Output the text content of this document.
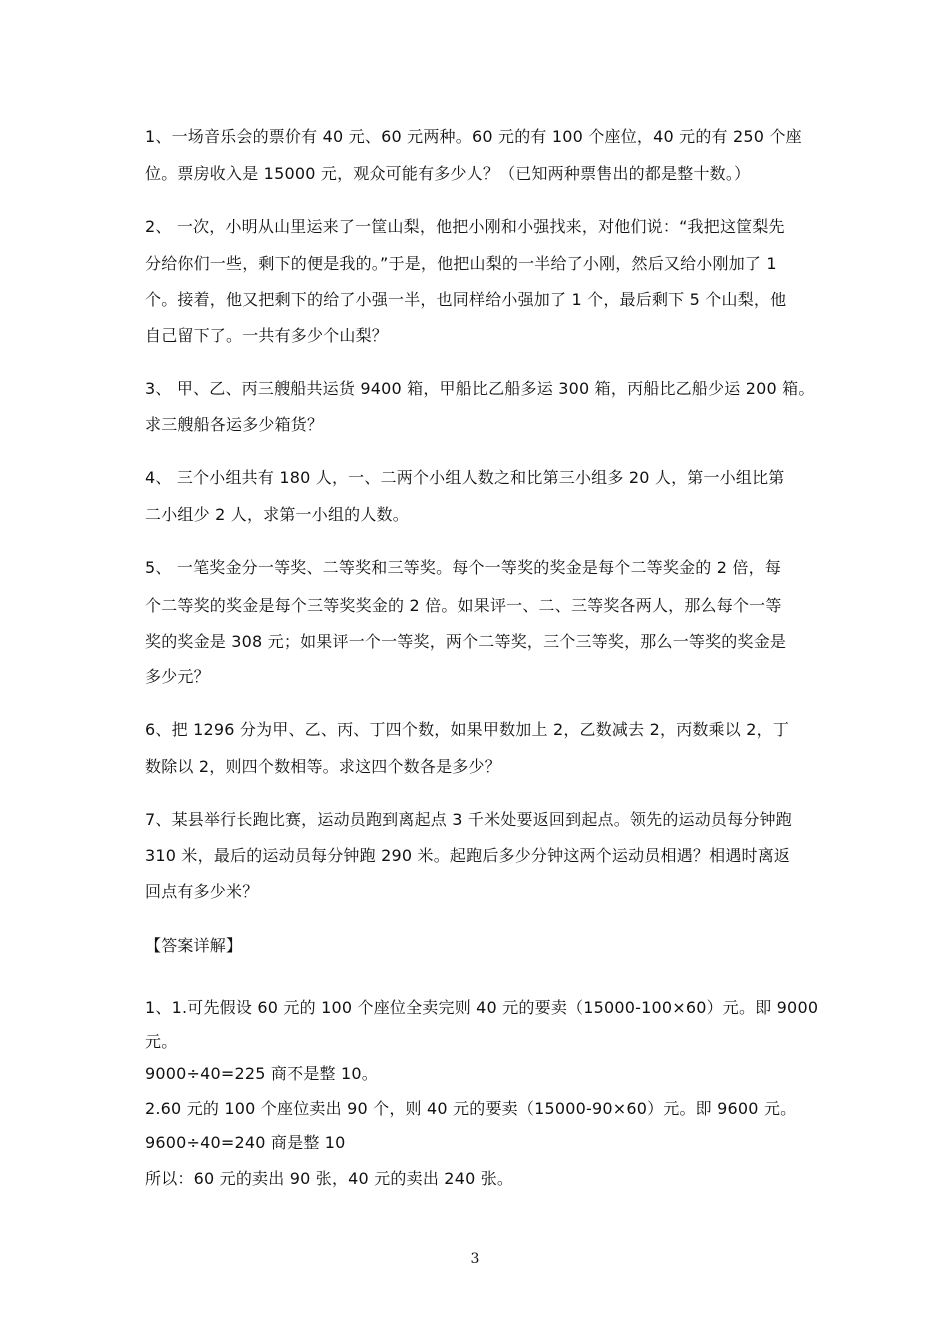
1、一场音乐会的票价有 40 元、60 元两种。60 元的有 100 个座位，40 元的有 250 个座
位。票房收入是 15000 元，观众可能有多少人？（已知两种票售出的都是整十数。）
2、 一次，小明从山里运来了一筐山梨，他把小刚和小强找来，对他们说：“我把这筐梨先
分给你们一些，剩下的便是我的。”于是，他把山梨的一半给了小刚，然后又给小刚加了 1
个。接着，他又把剩下的给了小强一半，也同样给小强加了 1 个，最后剩下 5 个山梨，他
自己留下了。一共有多少个山梨？
3、 甲、乙、丙三艘船共运货 9400 箱，甲船比乙船多运 300 箱，丙船比乙船少运 200 箱。
求三艘船各运多少箱货？
4、 三个小组共有 180 人，一、二两个小组人数之和比第三小组多 20 人，第一小组比第
二小组少 2 人，求第一小组的人数。
5、 一笔奖金分一等奖、二等奖和三等奖。每个一等奖的奖金是每个二等奖金的 2 倍，每
个二等奖的奖金是每个三等奖奖金的 2 倍。如果评一、二、三等奖各两人，那么每个一等
奖的奖金是 308 元；如果评一个一等奖，两个二等奖，三个三等奖，那么一等奖的奖金是
多少元？
6、把 1296 分为甲、乙、丙、丁四个数，如果甲数加上 2，乙数减去 2，丙数乘以 2，丁
数除以 2，则四个数相等。求这四个数各是多少？
7、某县举行长跑比赛，运动员跑到离起点 3 千米处要返回到起点。领先的运动员每分钟跑
310 米，最后的运动员每分钟跑 290 米。起跑后多少分钟这两个运动员相遇？相遇时离返
回点有多少米？
【答案详解】
1、1.可先假设 60 元的 100 个座位全卖完则 40 元的要卖（15000-100×60）元。即 9000
元。
9000÷40=225 商不是整 10。
2.60 元的 100 个座位卖出 90 个，则 40 元的要卖（15000-90×60）元。即 9600 元。
9600÷40=240 商是整 10
所以：60 元的卖出 90 张，40 元的卖出 240 张。
3
